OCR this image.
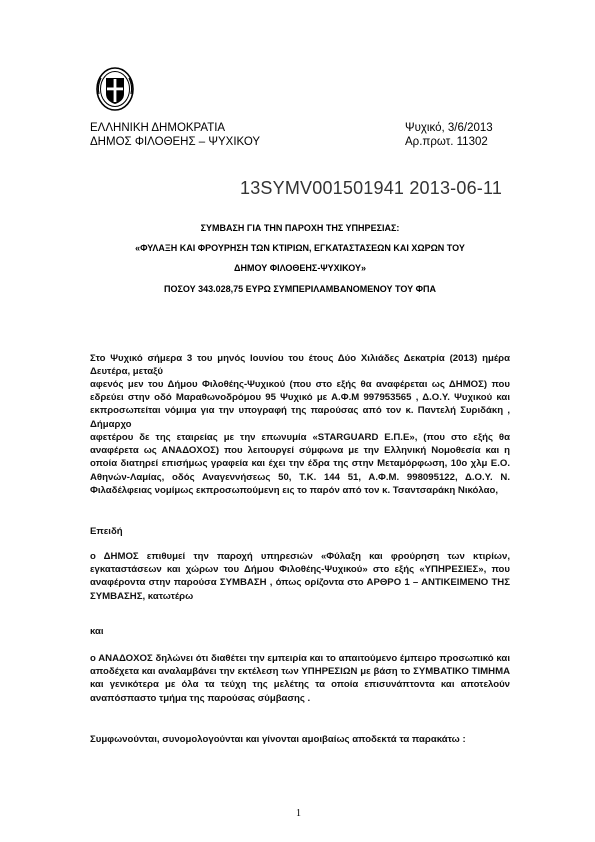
ΕΛΛΗΝΙΚΗ ΔΗΜΟΚΡΑΤΙΑ
ΔΗΜΟΣ ΦΙΛΟΘΕΗΣ – ΨΥΧΙΚΟΥ
Ψυχικό, 3/6/2013
Αρ.πρωτ. 11302
13SYMV001501941 2013-06-11
ΣΥΜΒΑΣΗ ΓΙΑ ΤΗΝ ΠΑΡΟΧΗ ΤΗΣ ΥΠΗΡΕΣΙΑΣ:
«ΦΥΛΑΞΗ ΚΑΙ ΦΡΟΥΡΗΣΗ ΤΩΝ ΚΤΙΡΙΩΝ, ΕΓΚΑΤΑΣΤΑΣΕΩΝ ΚΑΙ ΧΩΡΩΝ ΤΟΥ
ΔΗΜΟΥ ΦΙΛΟΘΕΗΣ-ΨΥΧΙΚΟΥ»
ΠΟΣΟΥ 343.028,75 ΕΥΡΩ ΣΥΜΠΕΡΙΛΑΜΒΑΝΟΜΕΝΟΥ ΤΟΥ ΦΠΑ
Στο Ψυχικό σήμερα 3 του μηνός Ιουνίου του έτους Δύο Χιλιάδες Δεκατρία (2013) ημέρα Δευτέρα, μεταξύ
αφενός μεν του Δήμου Φιλοθέης-Ψυχικού (που στο εξής θα αναφέρεται ως ΔΗΜΟΣ) που εδρεύει στην οδό Μαραθωνοδρόμου 95 Ψυχικό με Α.Φ.Μ 997953565 , Δ.Ο.Υ. Ψυχικού και εκπροσωπείται νόμιμα για την υπογραφή της παρούσας από τον κ. Παντελή Συριδάκη , Δήμαρχο
αφετέρου δε της εταιρείας με την επωνυμία «STARGUARD Ε.Π.Ε», (που στο εξής θα αναφέρετα ως ΑΝΑΔΟΧΟΣ) που λειτουργεί σύμφωνα με την Ελληνική Νομοθεσία και η οποία διατηρεί επισήμως γραφεία και έχει την έδρα της στην Μεταμόρφωση, 10ο χλμ Ε.Ο. Αθηνών-Λαμίας, οδός Αναγεννήσεως 50, Τ.Κ. 144 51, Α.Φ.Μ. 998095122, Δ.Ο.Υ. Ν. Φιλαδέλφειας νομίμως εκπροσωπούμενη εις το παρόν από τον κ. Τσαντσαράκη Νικόλαο,
Επειδή
ο ΔΗΜΟΣ επιθυμεί την παροχή υπηρεσιών «Φύλαξη και φρούρηση των κτιρίων, εγκαταστάσεων και χώρων του Δήμου Φιλοθέης-Ψυχικού» στο εξής «ΥΠΗΡΕΣΙΕΣ», που αναφέροντα στην παρούσα ΣΥΜΒΑΣΗ , όπως ορίζοντα στο ΑΡΘΡΟ 1 – ΑΝΤΙΚΕΙΜΕΝΟ ΤΗΣ ΣΥΜΒΑΣΗΣ, κατωτέρω
και
ο ΑΝΑΔΟΧΟΣ δηλώνει ότι διαθέτει την εμπειρία και το απαιτούμενο έμπειρο προσωπικό και αποδέχετα και αναλαμβάνει την εκτέλεση των ΥΠΗΡΕΣΙΩΝ με βάση το ΣΥΜΒΑΤΙΚΟ ΤΙΜΗΜΑ και γενικότερα με όλα τα τεύχη της μελέτης τα οποία επισυνάπτοντα και αποτελούν αναπόσπαστο τμήμα της παρούσας σύμβασης .
Συμφωνούνται, συνομολογούνται και γίνονται αμοιβαίως αποδεκτά τα παρακάτω :
1
